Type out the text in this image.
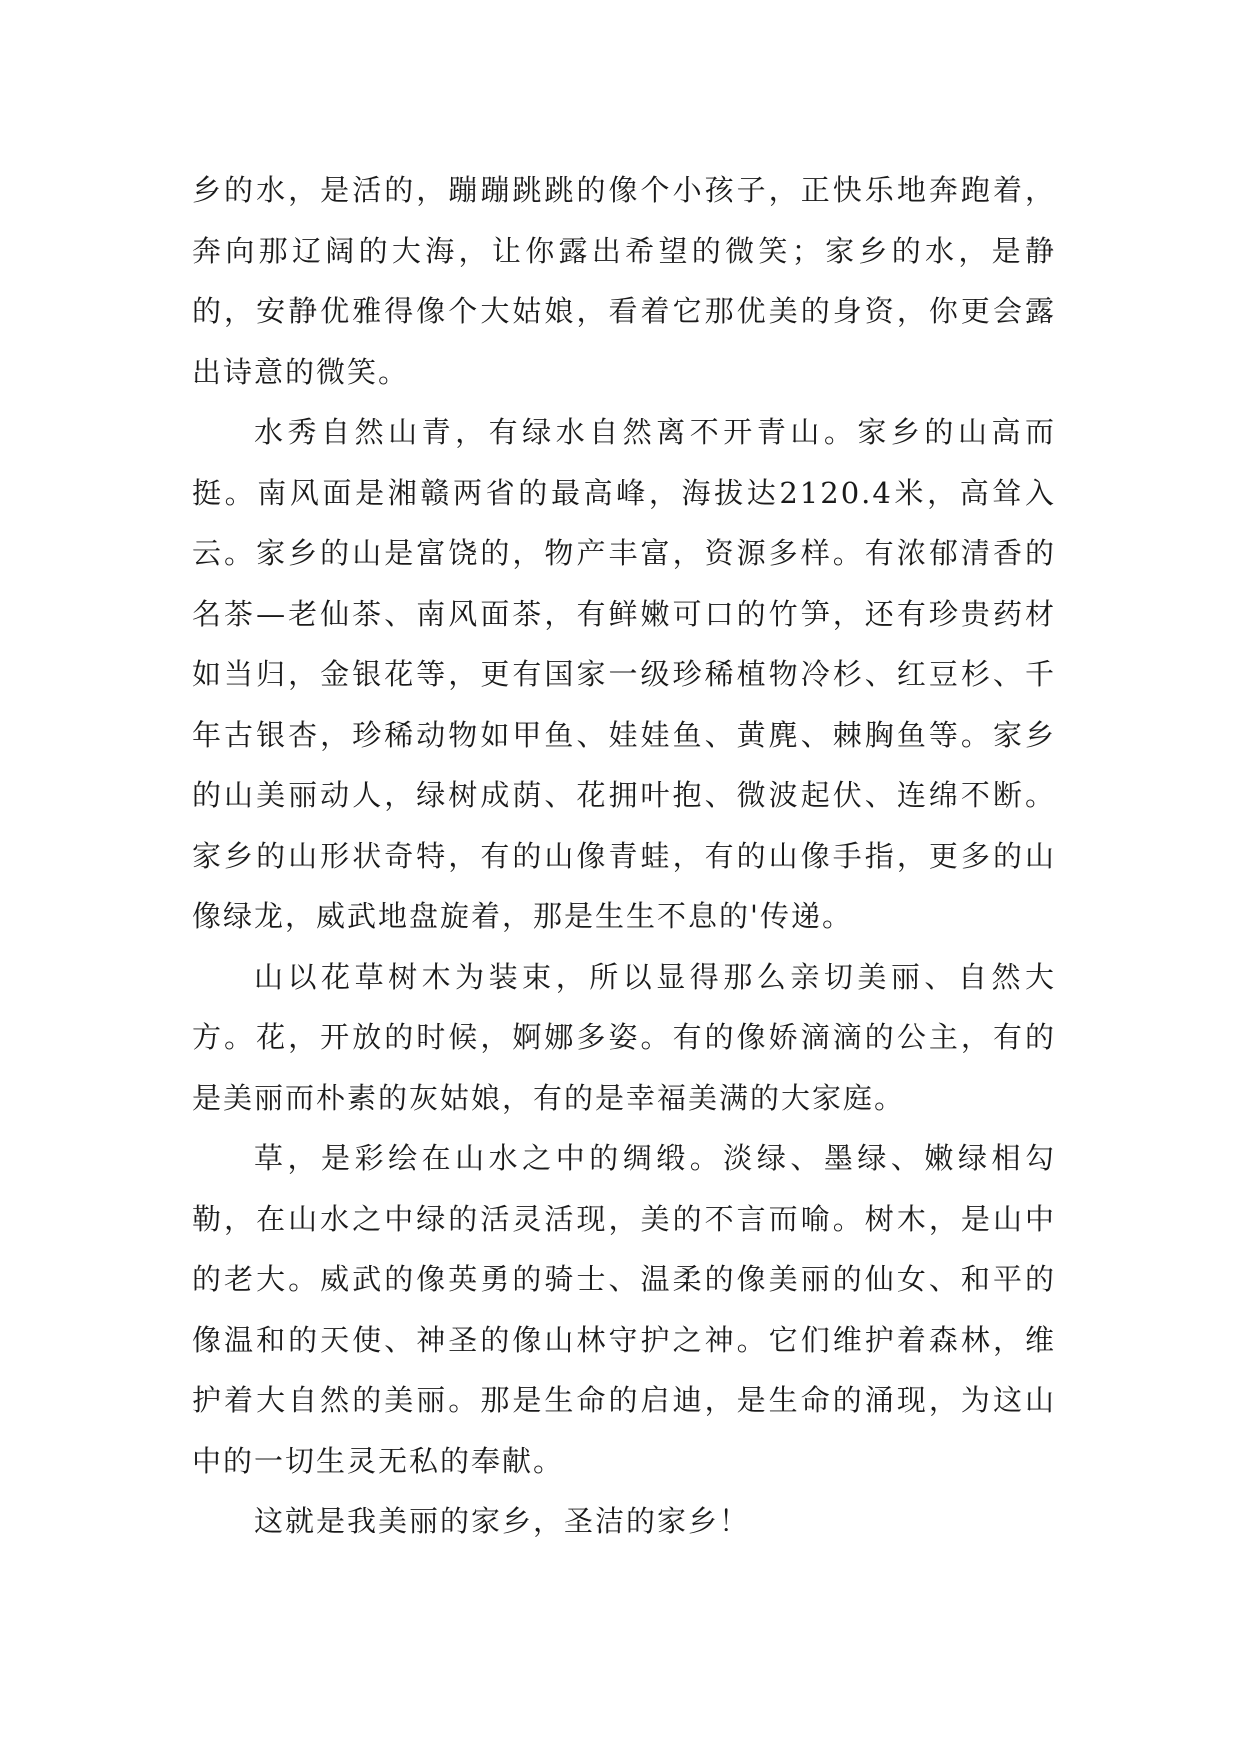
乡的水，是活的，蹦蹦跳跳的像个小孩子，正快乐地奔跑着，奔向那辽阔的大海，让你露出希望的微笑；家乡的水，是静的，安静优雅得像个大姑娘，看着它那优美的身资，你更会露出诗意的微笑。

水秀自然山青，有绿水自然离不开青山。家乡的山高而挺。南风面是湘赣两省的最高峰，海拔达2120.4米，高耸入云。家乡的山是富饶的，物产丰富，资源多样。有浓郁清香的名茶—老仙茶、南风面茶，有鲜嫩可口的竹笋，还有珍贵药材如当归，金银花等，更有国家一级珍稀植物冷杉、红豆杉、千年古银杏，珍稀动物如甲鱼、娃娃鱼、黄麂、棘胸鱼等。家乡的山美丽动人，绿树成荫、花拥叶抱、微波起伏、连绵不断。家乡的山形状奇特，有的山像青蛙，有的山像手指，更多的山像绿龙，威武地盘旋着，那是生生不息的'传递。

山以花草树木为装束，所以显得那么亲切美丽、自然大方。花，开放的时候，婀娜多姿。有的像娇滴滴的公主，有的是美丽而朴素的灰姑娘，有的是幸福美满的大家庭。

草，是彩绘在山水之中的绸缎。淡绿、墨绿、嫩绿相勾勒，在山水之中绿的活灵活现，美的不言而喻。树木，是山中的老大。威武的像英勇的骑士、温柔的像美丽的仙女、和平的像温和的天使、神圣的像山林守护之神。它们维护着森林，维护着大自然的美丽。那是生命的启迪，是生命的涌现，为这山中的一切生灵无私的奉献。

这就是我美丽的家乡，圣洁的家乡！
